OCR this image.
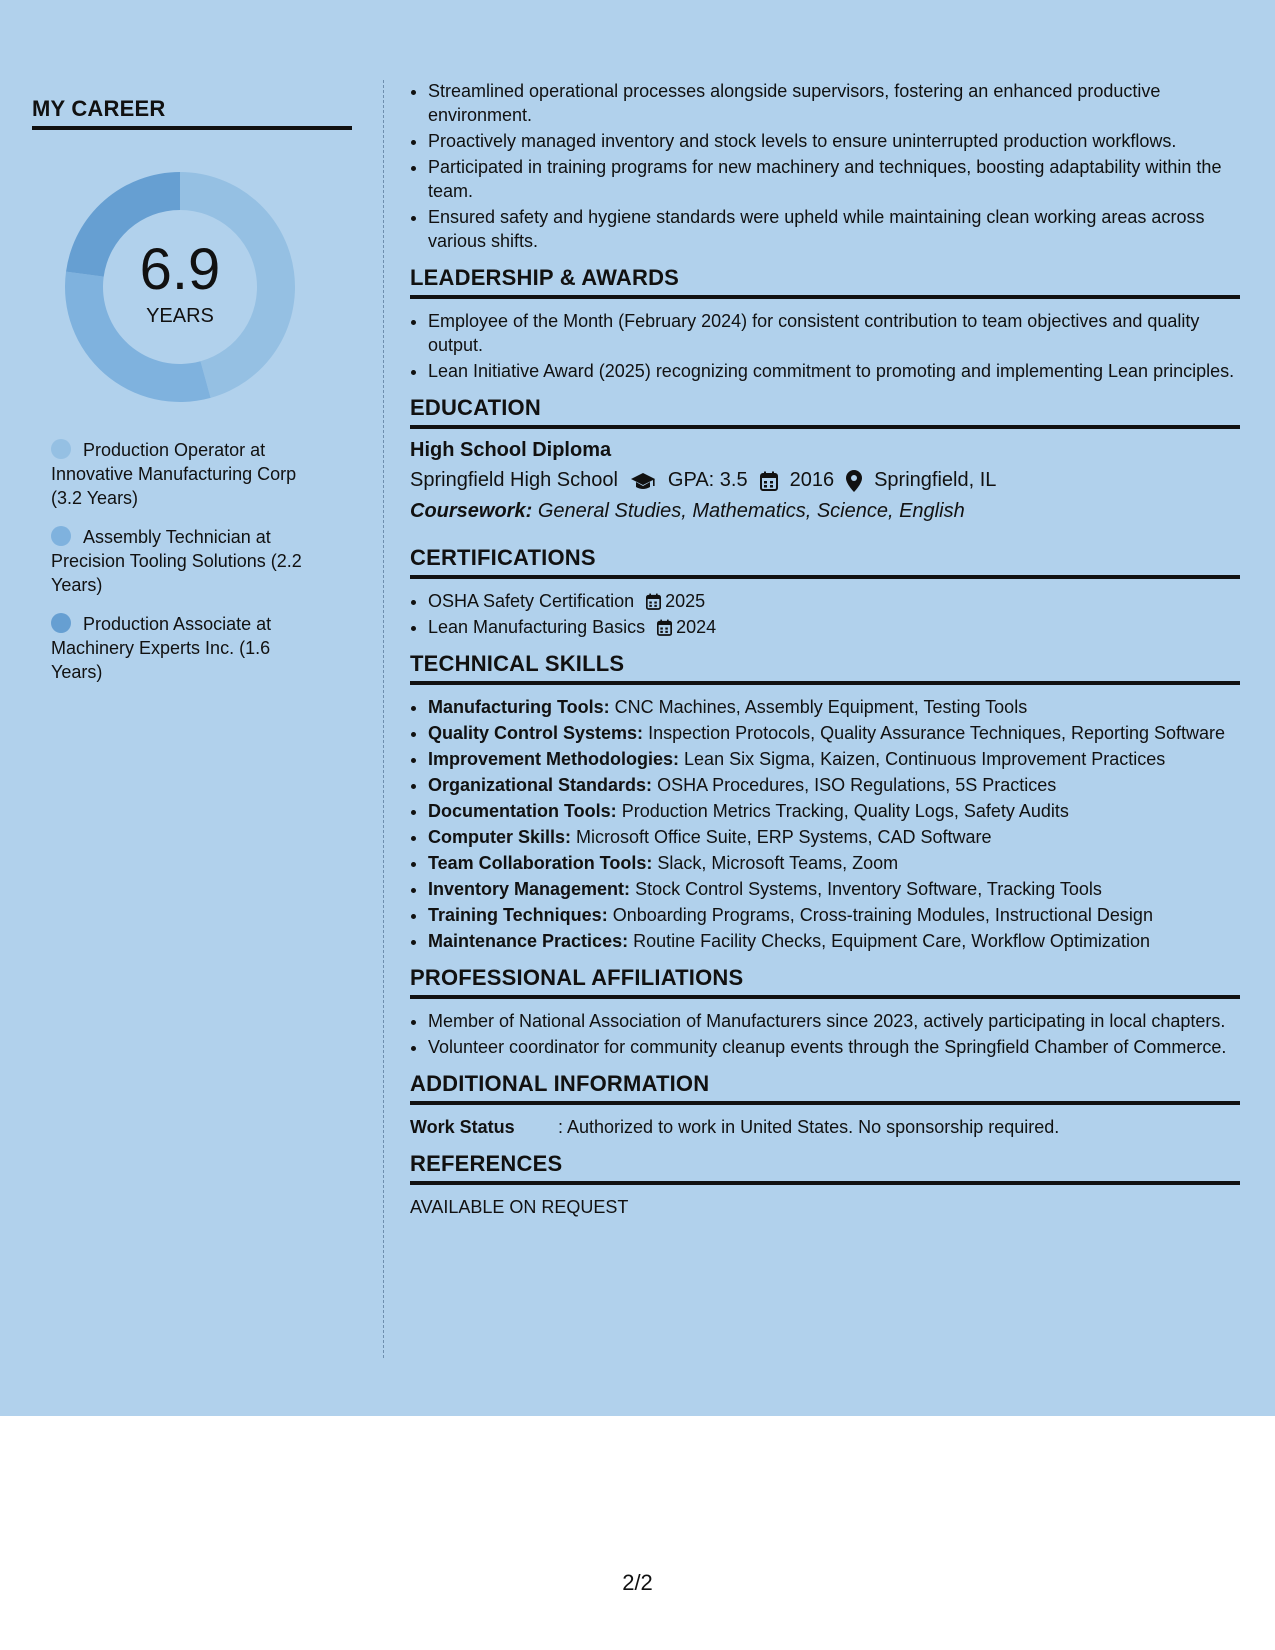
MY CAREER
6.9
YEARS
Production Operator at Innovative Manufacturing Corp (3.2 Years)
Assembly Technician at Precision Tooling Solutions (2.2 Years)
Production Associate at Machinery Experts Inc. (1.6 Years)
• Streamlined operational processes alongside supervisors, fostering an enhanced productive environment.
• Proactively managed inventory and stock levels to ensure uninterrupted production workflows.
• Participated in training programs for new machinery and techniques, boosting adaptability within the team.
• Ensured safety and hygiene standards were upheld while maintaining clean working areas across various shifts.
LEADERSHIP & AWARDS
• Employee of the Month (February 2024) for consistent contribution to team objectives and quality output.
• Lean Initiative Award (2025) recognizing commitment to promoting and implementing Lean principles.
EDUCATION
High School Diploma
Springfield High School	GPA: 3.5 2016 Springfield, IL
Coursework: General Studies, Mathematics, Science, English
CERTIFICATIONS
• OSHA Safety Certification 2025
• Lean Manufacturing Basics 2024
TECHNICAL SKILLS
• Manufacturing Tools: CNC Machines, Assembly Equipment, Testing Tools
• Quality Control Systems: Inspection Protocols, Quality Assurance Techniques, Reporting Software
• Improvement Methodologies: Lean Six Sigma, Kaizen, Continuous Improvement Practices
• Organizational Standards: OSHA Procedures, ISO Regulations, 5S Practices
• Documentation Tools: Production Metrics Tracking, Quality Logs, Safety Audits
• Computer Skills: Microsoft Office Suite, ERP Systems, CAD Software
• Team Collaboration Tools: Slack, Microsoft Teams, Zoom
• Inventory Management: Stock Control Systems, Inventory Software, Tracking Tools
• Training Techniques: Onboarding Programs, Cross-training Modules, Instructional Design
• Maintenance Practices: Routine Facility Checks, Equipment Care, Workflow Optimization
PROFESSIONAL AFFILIATIONS
• Member of National Association of Manufacturers since 2023, actively participating in local chapters.
• Volunteer coordinator for community cleanup events through the Springfield Chamber of Commerce.
ADDITIONAL INFORMATION
Work Status	: Authorized to work in United States. No sponsorship required.
REFERENCES
AVAILABLE ON REQUEST
2/2
